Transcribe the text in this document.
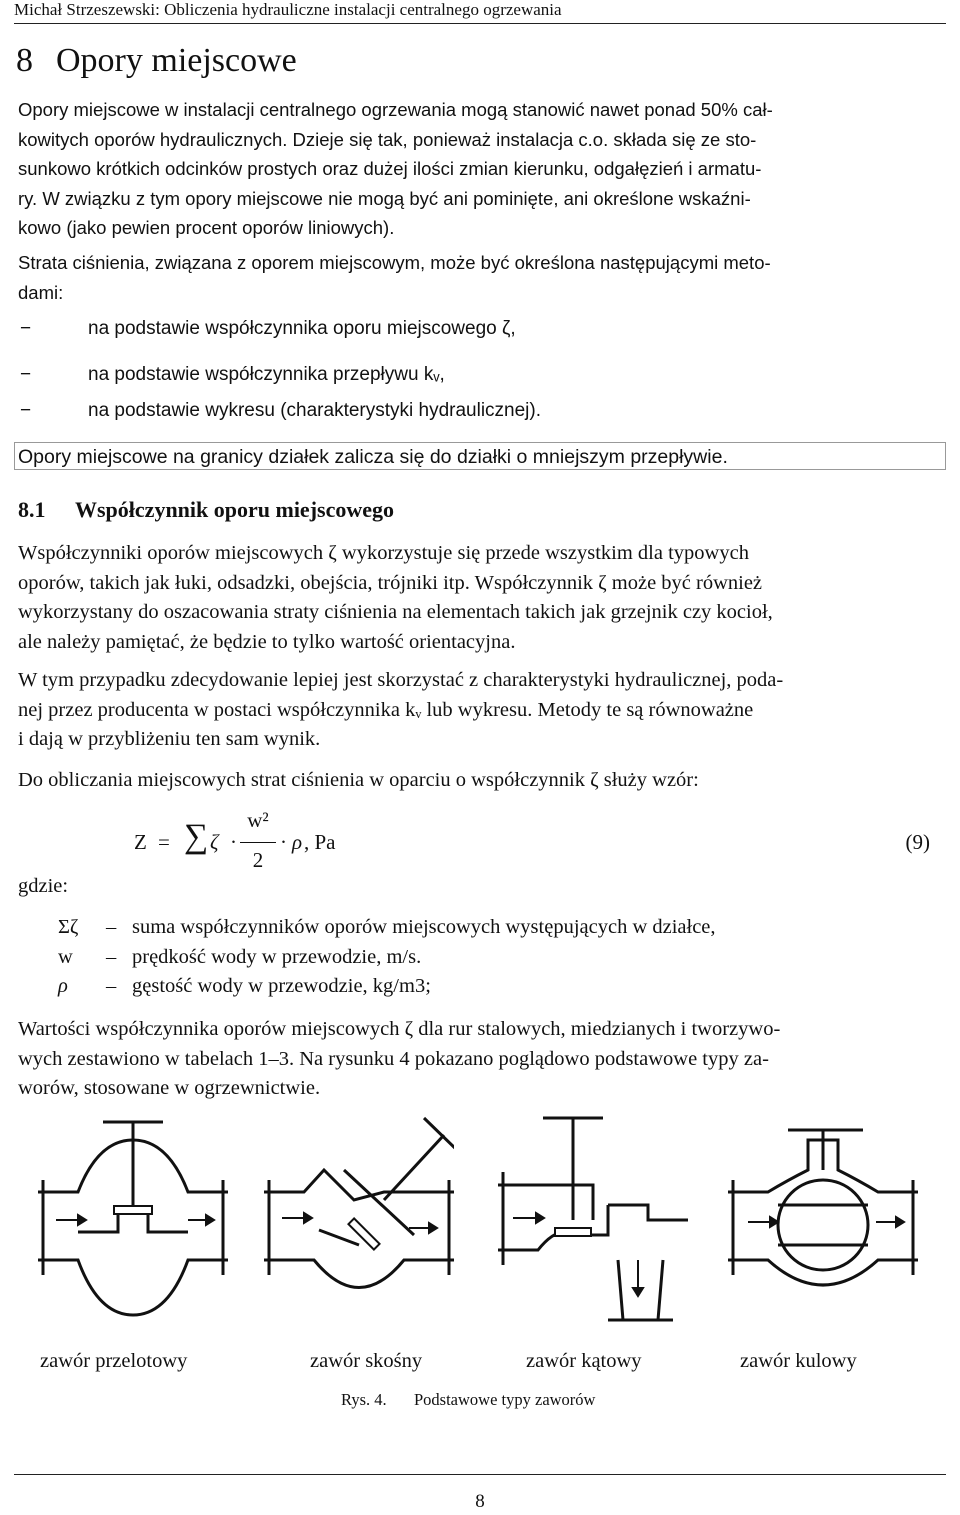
Michał Strzeszewski: Obliczenia hydrauliczne instalacji centralnego ogrzewania
8 Opory miejscowe
Opory miejscowe w instalacji centralnego ogrzewania mogą stanowić nawet ponad 50% cał-
kowitych oporów hydraulicznych. Dzieje się tak, ponieważ instalacja c.o. składa się ze sto-
sunkowo krótkich odcinków prostych oraz dużej ilości zmian kierunku, odgałęzień i armatu-
ry. W związku z tym opory miejscowe nie mogą być ani pominięte, ani określone wskaźni-
kowo (jako pewien procent oporów liniowych).
Strata ciśnienia, związana z oporem miejscowym, może być określona następującymi meto-
dami:
−	na podstawie współczynnika oporu miejscowego ζ,
−	na podstawie współczynnika przepływu kᵥ,
−	na podstawie wykresu (charakterystyki hydraulicznej).
Opory miejscowe na granicy działek zalicza się do działki o mniejszym przepływie.
8.1 Współczynnik oporu miejscowego
Współczynniki oporów miejscowych ζ wykorzystuje się przede wszystkim dla typowych
oporów, takich jak łuki, odsadzki, obejścia, trójniki itp. Współczynnik ζ może być również
wykorzystany do oszacowania straty ciśnienia na elementach takich jak grzejnik czy kocioł,
ale należy pamiętać, że będzie to tylko wartość orientacyjna.
W tym przypadku zdecydowanie lepiej jest skorzystać z charakterystyki hydraulicznej, poda-
nej przez producenta w postaci współczynnika kᵥ lub wykresu. Metody te są równoważne
i dają w przybliżeniu ten sam wynik.
Do obliczania miejscowych strat ciśnienia w oparciu o współczynnik ζ służy wzór:
Z = ∑ ζ ·
w²
2
· ρ , Pa	(9)
gdzie:
Σζ – suma współczynników oporów miejscowych występujących w działce,
w – prędkość wody w przewodzie, m/s.
ρ – gęstość wody w przewodzie, kg/m3;
Wartości współczynnika oporów miejscowych ζ dla rur stalowych, miedzianych i tworzywo-
wych zestawiono w tabelach 1–3. Na rysunku 4 pokazano poglądowo podstawowe typy za-
worów, stosowane w ogrzewnictwie.
zawór przelotowy	zawór skośny	zawór kątowy	zawór kulowy
Rys. 4. Podstawowe typy zaworów
8
